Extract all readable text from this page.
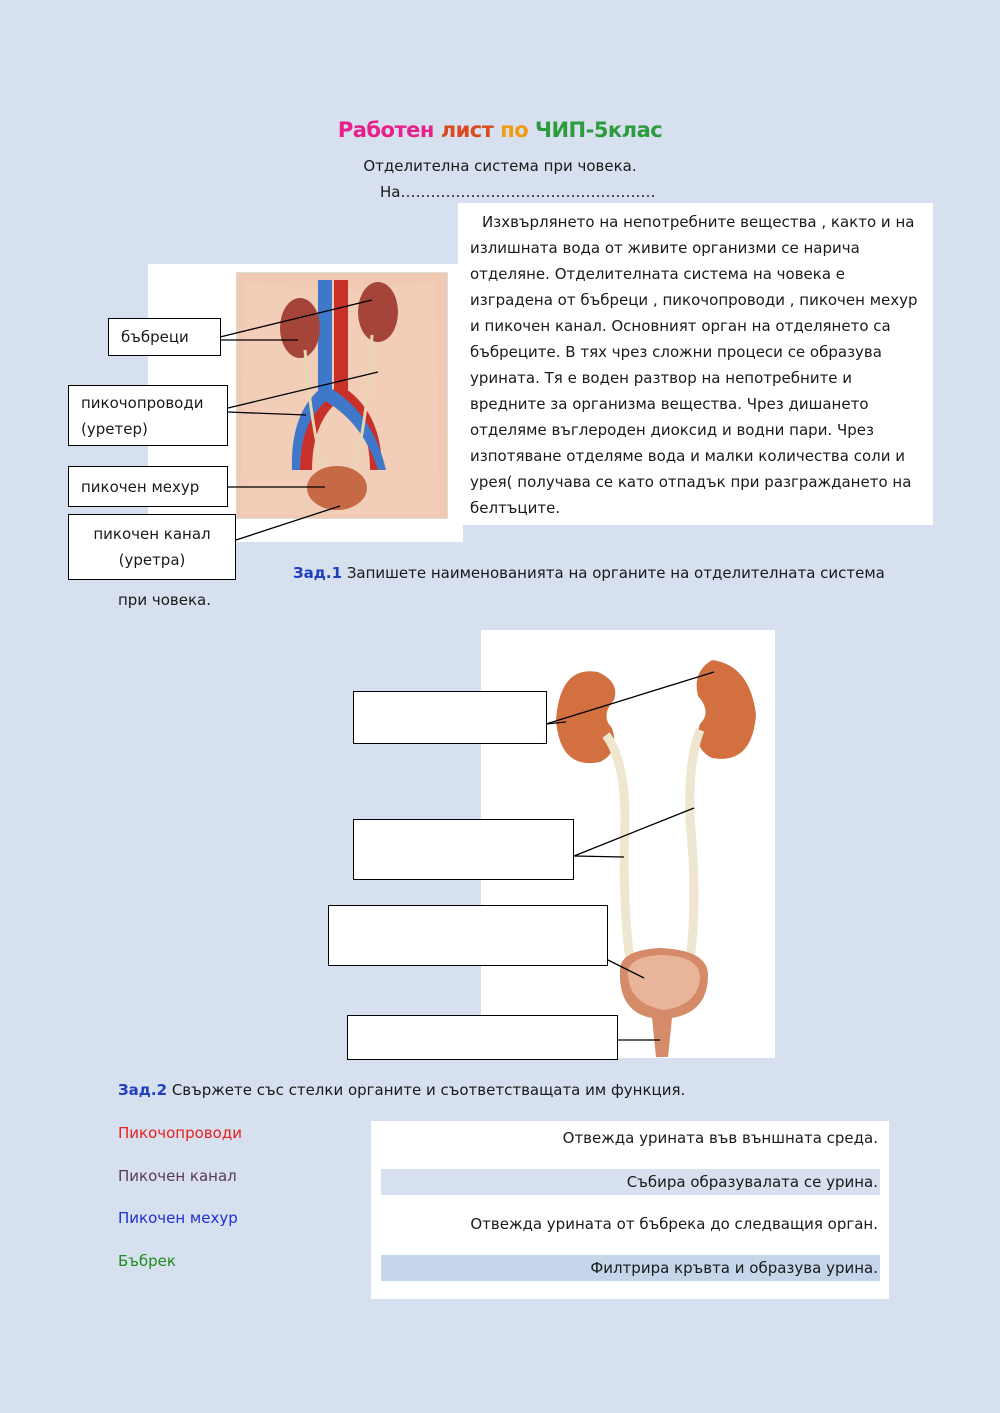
Работен лист по ЧИП-5клас
Отделителна система при човека.
На……………………………………………

Изхвърлянето на непотребните вещества , както и на излишната вода от живите организми се нарича отделяне. Отделителната система на човека е изградена от бъбреци , пикочопроводи , пикочен мехур и пикочен канал. Основният орган на отделянето са бъбреците. В тях чрез сложни процеси се образува урината. Тя е воден разтвор на непотребните и вредните за организма вещества. Чрез дишането отделяме въглероден диоксид и водни пари. Чрез изпотяване отделяме вода и малки количества соли и урея( получава се като отпадък при разграждането на белтъците.

бъбреци
пикочопроводи (уретер)
пикочен мехур
пикочен канал (уретра)
Зад.1 Запишете наименованията на органите на отделителната система
при човека.
Зад.2 Свържете със стелки органите и съответстващата им функция.
Пикочопроводи
Пикочен канал
Пикочен мехур
Бъбрек
Отвежда урината във външната среда.
Събира образувалата се урина.
Отвежда урината от бъбрека до следващия орган.
Филтрира кръвта и образува урина.
